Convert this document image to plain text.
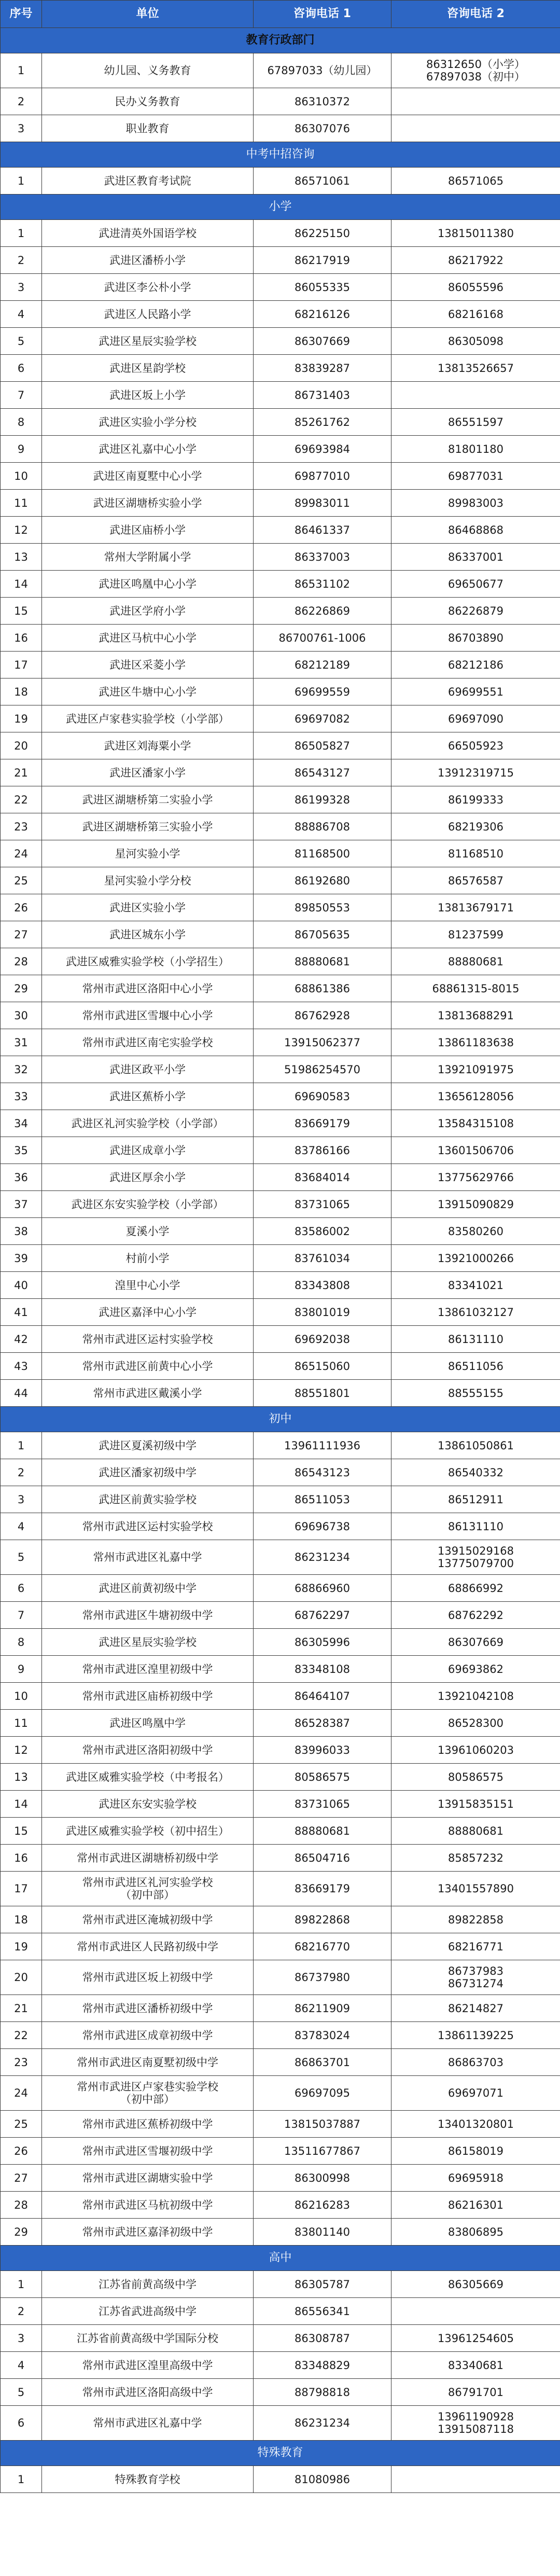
序号	单位	咨询电话 1	咨询电话 2
教育行政部门			
1	幼儿园、义务教育	67897033（幼儿园）	86312650（小学）
67897038（初中）
2	民办义务教育	86310372	
3	职业教育	86307076	
中考中招咨询			
1	武进区教育考试院	86571061	86571065
小学			
1	武进清英外国语学校	86225150	13815011380
2	武进区潘桥小学	86217919	86217922
3	武进区李公朴小学	86055335	86055596
4	武进区人民路小学	68216126	68216168
5	武进区星辰实验学校	86307669	86305098
6	武进区星韵学校	83839287	13813526657
7	武进区坂上小学	86731403	
8	武进区实验小学分校	85261762	86551597
9	武进区礼嘉中心小学	69693984	81801180
10	武进区南夏墅中心小学	69877010	69877031
11	武进区湖塘桥实验小学	89983011	89983003
12	武进区庙桥小学	86461337	86468868
13	常州大学附属小学	86337003	86337001
14	武进区鸣凰中心小学	86531102	69650677
15	武进区学府小学	86226869	86226879
16	武进区马杭中心小学	86700761-1006	86703890
17	武进区采菱小学	68212189	68212186
18	武进区牛塘中心小学	69699559	69699551
19	武进区卢家巷实验学校（小学部）	69697082	69697090
20	武进区刘海粟小学	86505827	66505923
21	武进区潘家小学	86543127	13912319715
22	武进区湖塘桥第二实验小学	86199328	86199333
23	武进区湖塘桥第三实验小学	88886708	68219306
24	星河实验小学	81168500	81168510
25	星河实验小学分校	86192680	86576587
26	武进区实验小学	89850553	13813679171
27	武进区城东小学	86705635	81237599
28	武进区威雅实验学校（小学招生）	88880681	88880681
29	常州市武进区洛阳中心小学	68861386	68861315-8015
30	常州市武进区雪堰中心小学	86762928	13813688291
31	常州市武进区南宅实验学校	13915062377	13861183638
32	武进区政平小学	51986254570	13921091975
33	武进区蕉桥小学	69690583	13656128056
34	武进区礼河实验学校（小学部）	83669179	13584315108
35	武进区成章小学	83786166	13601506706
36	武进区厚余小学	83684014	13775629766
37	武进区东安实验学校（小学部）	83731065	13915090829
38	夏溪小学	83586002	83580260
39	村前小学	83761034	13921000266
40	湟里中心小学	83343808	83341021
41	武进区嘉泽中心小学	83801019	13861032127
42	常州市武进区运村实验学校	69692038	86131110
43	常州市武进区前黄中心小学	86515060	86511056
44	常州市武进区戴溪小学	88551801	88555155
初中			
1	武进区夏溪初级中学	13961111936	13861050861
2	武进区潘家初级中学	86543123	86540332
3	武进区前黄实验学校	86511053	86512911
4	常州市武进区运村实验学校	69696738	86131110
5	常州市武进区礼嘉中学	86231234	13915029168
13775079700
6	武进区前黄初级中学	68866960	68866992
7	常州市武进区牛塘初级中学	68762297	68762292
8	武进区星辰实验学校	86305996	86307669
9	常州市武进区湟里初级中学	83348108	69693862
10	常州市武进区庙桥初级中学	86464107	13921042108
11	武进区鸣凰中学	86528387	86528300
12	常州市武进区洛阳初级中学	83996033	13961060203
13	武进区威雅实验学校（中考报名）	80586575	80586575
14	武进区东安实验学校	83731065	13915835151
15	武进区威雅实验学校（初中招生）	88880681	88880681
16	常州市武进区湖塘桥初级中学	86504716	85857232
17	常州市武进区礼河实验学校
（初中部）	83669179	13401557890
18	常州市武进区淹城初级中学	89822868	89822858
19	常州市武进区人民路初级中学	68216770	68216771
20	常州市武进区坂上初级中学	86737980	86737983
86731274
21	常州市武进区潘桥初级中学	86211909	86214827
22	常州市武进区成章初级中学	83783024	13861139225
23	常州市武进区南夏墅初级中学	86863701	86863703
24	常州市武进区卢家巷实验学校
（初中部）	69697095	69697071
25	常州市武进区蕉桥初级中学	13815037887	13401320801
26	常州市武进区雪堰初级中学	13511677867	86158019
27	常州市武进区湖塘实验中学	86300998	69695918
28	常州市武进区马杭初级中学	86216283	86216301
29	常州市武进区嘉泽初级中学	83801140	83806895
高中			
1	江苏省前黄高级中学	86305787	86305669
2	江苏省武进高级中学	86556341	
3	江苏省前黄高级中学国际分校	86308787	13961254605
4	常州市武进区湟里高级中学	83348829	83340681
5	常州市武进区洛阳高级中学	88798818	86791701
6	常州市武进区礼嘉中学	86231234	13961190928
13915087118
特殊教育			
1	特殊教育学校	81080986	
